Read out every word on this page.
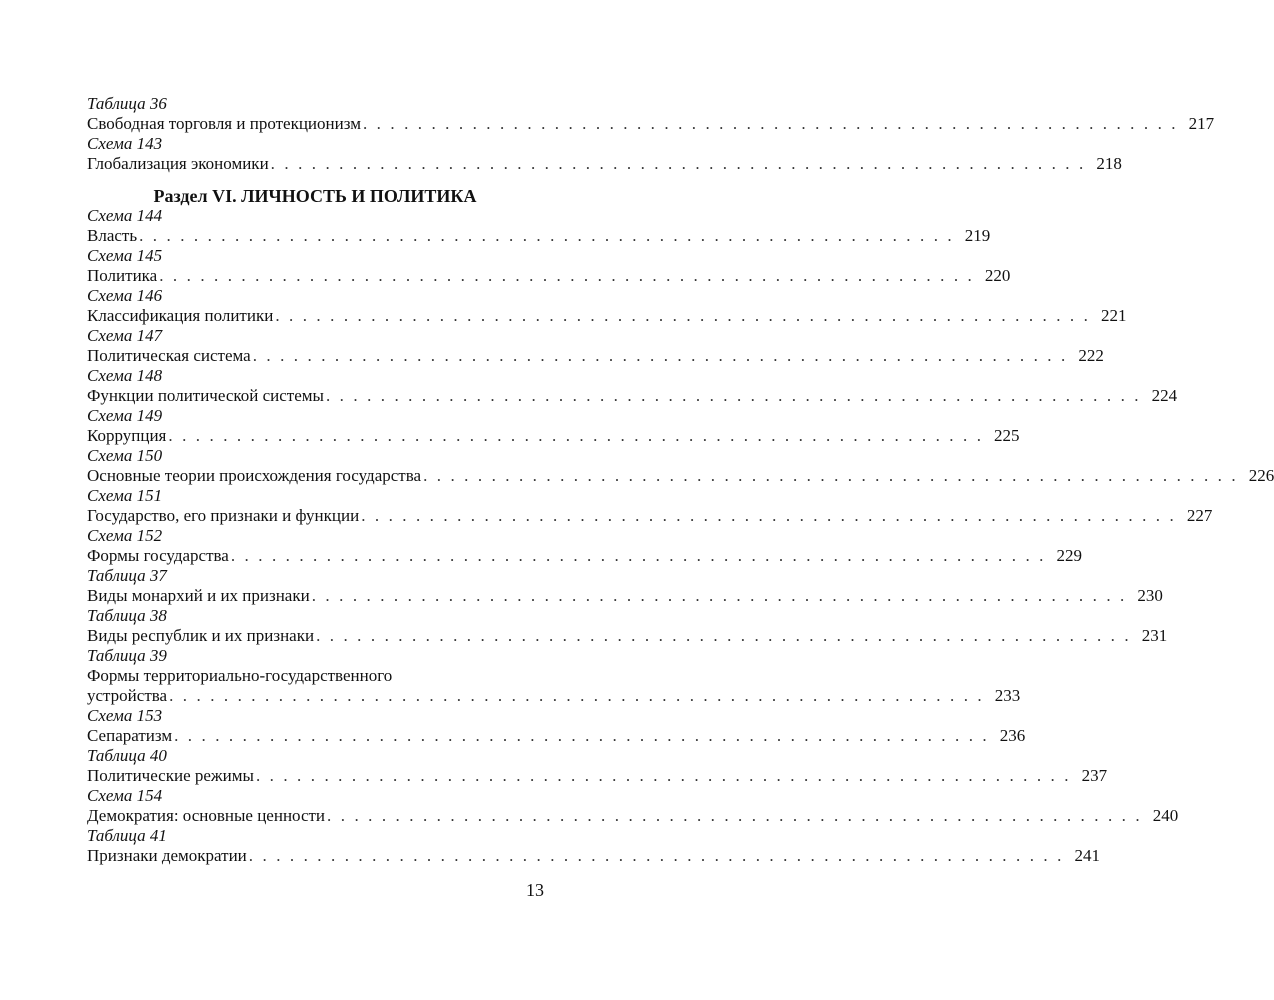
Таблица 36
Свободная торговля и протекционизм . . . . . . . . . . . . . . . . . . . . . . . . . . . . . . . . . . . . . . . . . . . . . . . . . . . . . . . . . . . . 217
Схема 143
Глобализация экономики . . . . . . . . . . . . . . . . . . . . . . . . . . . . . . . . . . . . . . . . . . . . . . . . . . . . . . . . . . . . 218
Раздел VI. ЛИЧНОСТЬ И ПОЛИТИКА
Схема 144
Власть . . . . . . . . . . . . . . . . . . . . . . . . . . . . . . . . . . . . . . . . . . . . . . . . . . . . . . . . . . . . 219
Схема 145
Политика . . . . . . . . . . . . . . . . . . . . . . . . . . . . . . . . . . . . . . . . . . . . . . . . . . . . . . . . . . . . 220
Схема 146
Классификация политики . . . . . . . . . . . . . . . . . . . . . . . . . . . . . . . . . . . . . . . . . . . . . . . . . . . . . . . . . . . . 221
Схема 147
Политическая система . . . . . . . . . . . . . . . . . . . . . . . . . . . . . . . . . . . . . . . . . . . . . . . . . . . . . . . . . . . . 222
Схема 148
Функции политической системы . . . . . . . . . . . . . . . . . . . . . . . . . . . . . . . . . . . . . . . . . . . . . . . . . . . . . . . . . . . . 224
Схема 149
Коррупция . . . . . . . . . . . . . . . . . . . . . . . . . . . . . . . . . . . . . . . . . . . . . . . . . . . . . . . . . . . . 225
Схема 150
Основные теории происхождения государства . . . . . . . . . . . . . . . . . . . . . . . . . . . . . . . . . . . . . . . . . . . . . . . . . . . . . . . . . . . . 226
Схема 151
Государство, его признаки и функции . . . . . . . . . . . . . . . . . . . . . . . . . . . . . . . . . . . . . . . . . . . . . . . . . . . . . . . . . . . . 227
Схема 152
Формы государства . . . . . . . . . . . . . . . . . . . . . . . . . . . . . . . . . . . . . . . . . . . . . . . . . . . . . . . . . . . . 229
Таблица 37
Виды монархий и их признаки . . . . . . . . . . . . . . . . . . . . . . . . . . . . . . . . . . . . . . . . . . . . . . . . . . . . . . . . . . . . 230
Таблица 38
Виды республик и их признаки . . . . . . . . . . . . . . . . . . . . . . . . . . . . . . . . . . . . . . . . . . . . . . . . . . . . . . . . . . . . 231
Таблица 39
Формы территориально-государственного
устройства . . . . . . . . . . . . . . . . . . . . . . . . . . . . . . . . . . . . . . . . . . . . . . . . . . . . . . . . . . . . 233
Схема 153
Сепаратизм . . . . . . . . . . . . . . . . . . . . . . . . . . . . . . . . . . . . . . . . . . . . . . . . . . . . . . . . . . . . 236
Таблица 40
Политические режимы . . . . . . . . . . . . . . . . . . . . . . . . . . . . . . . . . . . . . . . . . . . . . . . . . . . . . . . . . . . . 237
Схема 154
Демократия: основные ценности . . . . . . . . . . . . . . . . . . . . . . . . . . . . . . . . . . . . . . . . . . . . . . . . . . . . . . . . . . . . 240
Таблица 41
Признаки демократии . . . . . . . . . . . . . . . . . . . . . . . . . . . . . . . . . . . . . . . . . . . . . . . . . . . . . . . . . . . . 241
13
